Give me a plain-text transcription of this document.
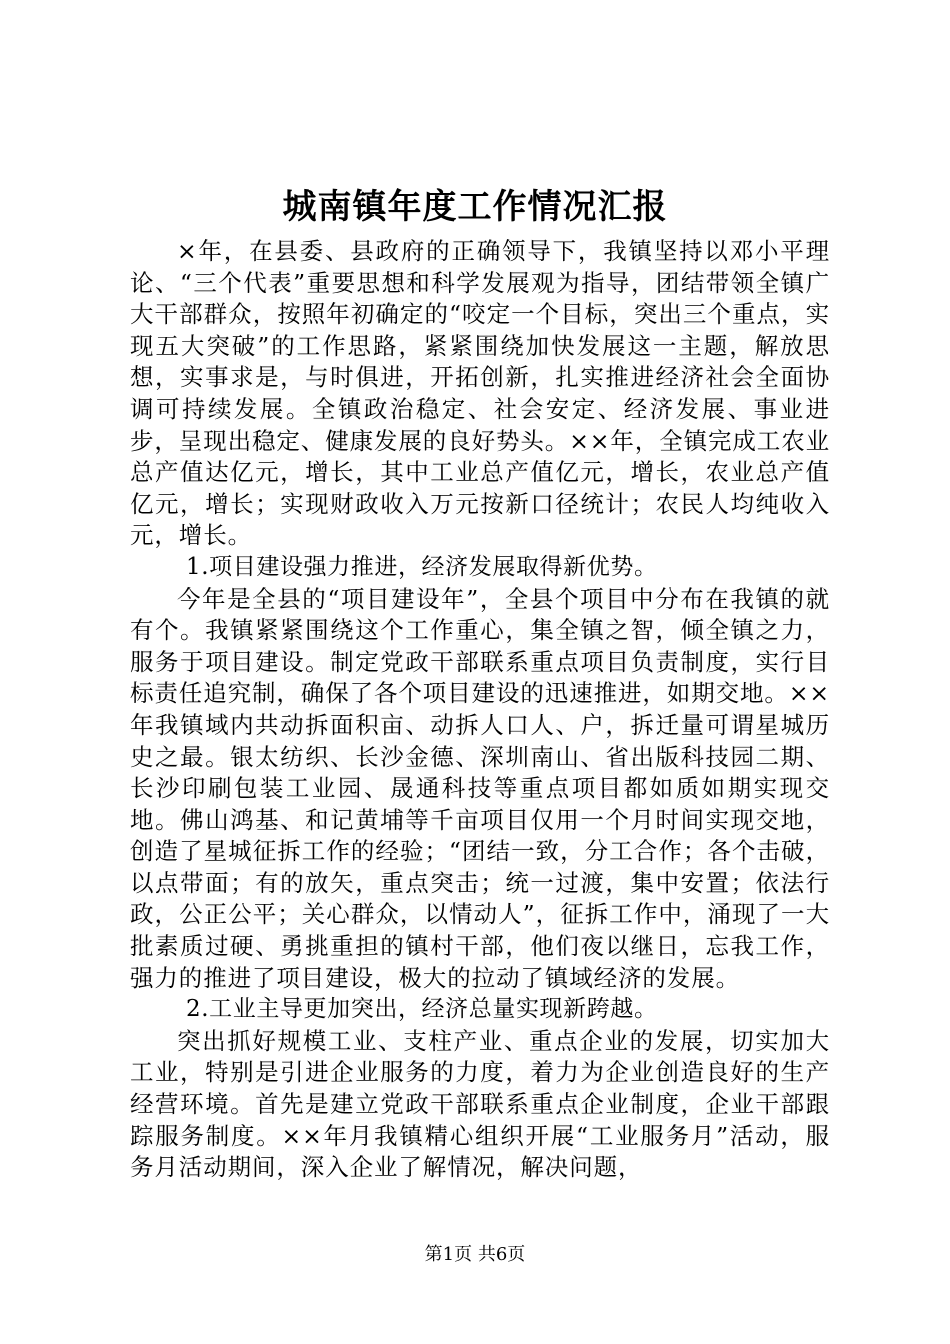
城南镇年度工作情况汇报

×年，在县委、县政府的正确领导下，我镇坚持以邓小平理论、“三个代表”重要思想和科学发展观为指导，团结带领全镇广大干部群众，按照年初确定的“咬定一个目标，突出三个重点，实现五大突破”的工作思路，紧紧围绕加快发展这一主题，解放思想，实事求是，与时俱进，开拓创新，扎实推进经济社会全面协调可持续发展。全镇政治稳定、社会安定、经济发展、事业进步，呈现出稳定、健康发展的良好势头。××年，全镇完成工农业总产值达亿元，增长，其中工业总产值亿元，增长，农业总产值亿元，增长；实现财政收入万元按新口径统计；农民人均纯收入元，增长。

1.项目建设强力推进，经济发展取得新优势。

今年是全县的“项目建设年”，全县个项目中分布在我镇的就有个。我镇紧紧围绕这个工作重心，集全镇之智，倾全镇之力，服务于项目建设。制定党政干部联系重点项目负责制度，实行目标责任追究制，确保了各个项目建设的迅速推进，如期交地。××年我镇域内共动拆面积亩、动拆人口人、户，拆迁量可谓星城历史之最。银太纺织、长沙金德、深圳南山、省出版科技园二期、长沙印刷包装工业园、晟通科技等重点项目都如质如期实现交地。佛山鸿基、和记黄埔等千亩项目仅用一个月时间实现交地，创造了星城征拆工作的经验；“团结一致，分工合作；各个击破，以点带面；有的放矢，重点突击；统一过渡，集中安置；依法行政，公正公平；关心群众，以情动人”，征拆工作中，涌现了一大批素质过硬、勇挑重担的镇村干部，他们夜以继日，忘我工作，强力的推进了项目建设，极大的拉动了镇域经济的发展。

2.工业主导更加突出，经济总量实现新跨越。

突出抓好规模工业、支柱产业、重点企业的发展，切实加大工业，特别是引进企业服务的力度，着力为企业创造良好的生产经营环境。首先是建立党政干部联系重点企业制度，企业干部跟踪服务制度。××年月我镇精心组织开展“工业服务月”活动，服务月活动期间，深入企业了解情况，解决问题，

第1页 共6页
